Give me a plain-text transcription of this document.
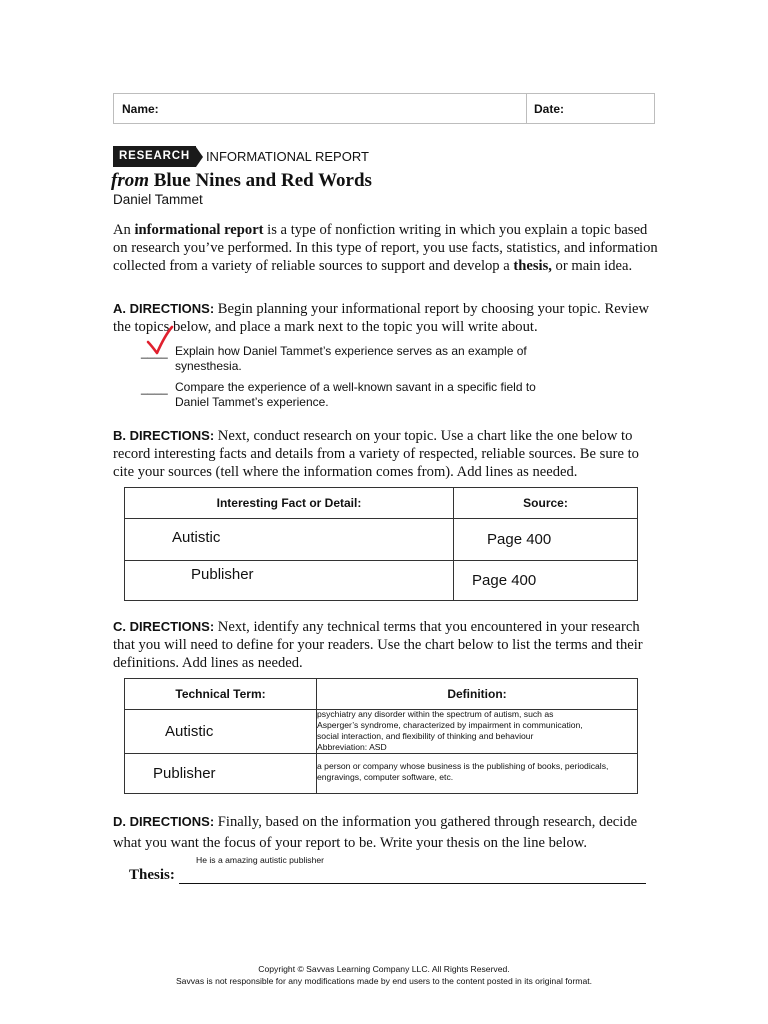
Name:	Date:
RESEARCH	INFORMATIONAL REPORT
from Blue Nines and Red Words
Daniel Tammet
An informational report is a type of nonfiction writing in which you explain a topic based on research you’ve performed. In this type of report, you use facts, statistics, and information collected from a variety of reliable sources to support and develop a thesis, or main idea.
A. DIRECTIONS: Begin planning your informational report by choosing your topic. Review the topics below, and place a mark next to the topic you will write about.
____ Explain how Daniel Tammet’s experience serves as an example of
synesthesia.
____ Compare the experience of a well-known savant in a specific field to
Daniel Tammet’s experience.
B. DIRECTIONS: Next, conduct research on your topic. Use a chart like the one below to record interesting facts and details from a variety of respected, reliable sources. Be sure to cite your sources (tell where the information comes from). Add lines as needed.
Interesting Fact or Detail:	Source:
Autistic	Page 400
Publisher	Page 400
C. DIRECTIONS: Next, identify any technical terms that you encountered in your research that you will need to define for your readers. Use the chart below to list the terms and their definitions. Add lines as needed.
Technical Term:	Definition:
Autistic	psychiatry any disorder within the spectrum of autism, such as
Asperger’s syndrome, characterized by impairment in communication,
social interaction, and flexibility of thinking and behaviour
Abbreviation: ASD

Publisher	a person or company whose business is the publishing of books, periodicals,
engravings, computer software, etc.
D. DIRECTIONS: Finally, based on the information you gathered through research, decide what you want the focus of your report to be. Write your thesis on the line below.
He is a amazing autistic publisher
Thesis:
Copyright © Savvas Learning Company LLC. All Rights Reserved.
Savvas is not responsible for any modifications made by end users to the content posted in its original format.
